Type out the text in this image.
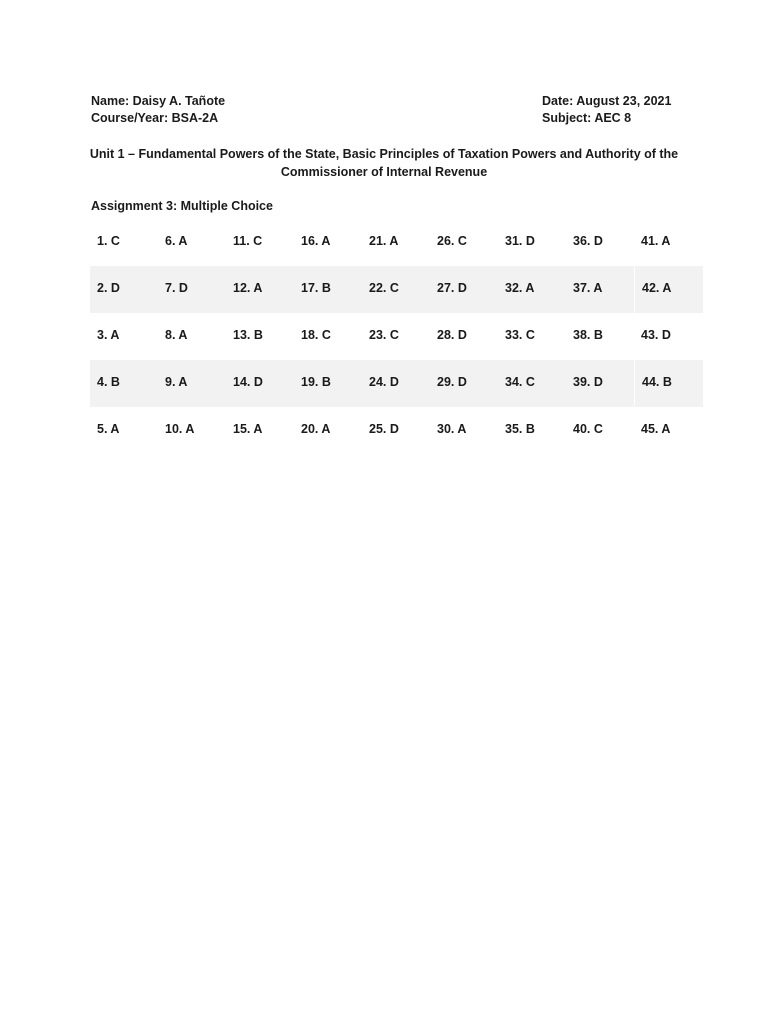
Name: Daisy A. Tañote
Course/Year: BSA-2A
Date: August 23, 2021
Subject: AEC 8
Unit 1 – Fundamental Powers of the State, Basic Principles of Taxation Powers and Authority of the
Commissioner of Internal Revenue
Assignment 3: Multiple Choice
1. C	6. A	11. C	16. A	21. A	26. C	31. D	36. D	41. A
2. D	7. D	12. A	17. B	22. C	27. D	32. A	37. A	42. A
3. A	8. A	13. B	18. C	23. C	28. D	33. C	38. B	43. D
4. B	9. A	14. D	19. B	24. D	29. D	34. C	39. D	44. B
5. A	10. A	15. A	20. A	25. D	30. A	35. B	40. C	45. A
